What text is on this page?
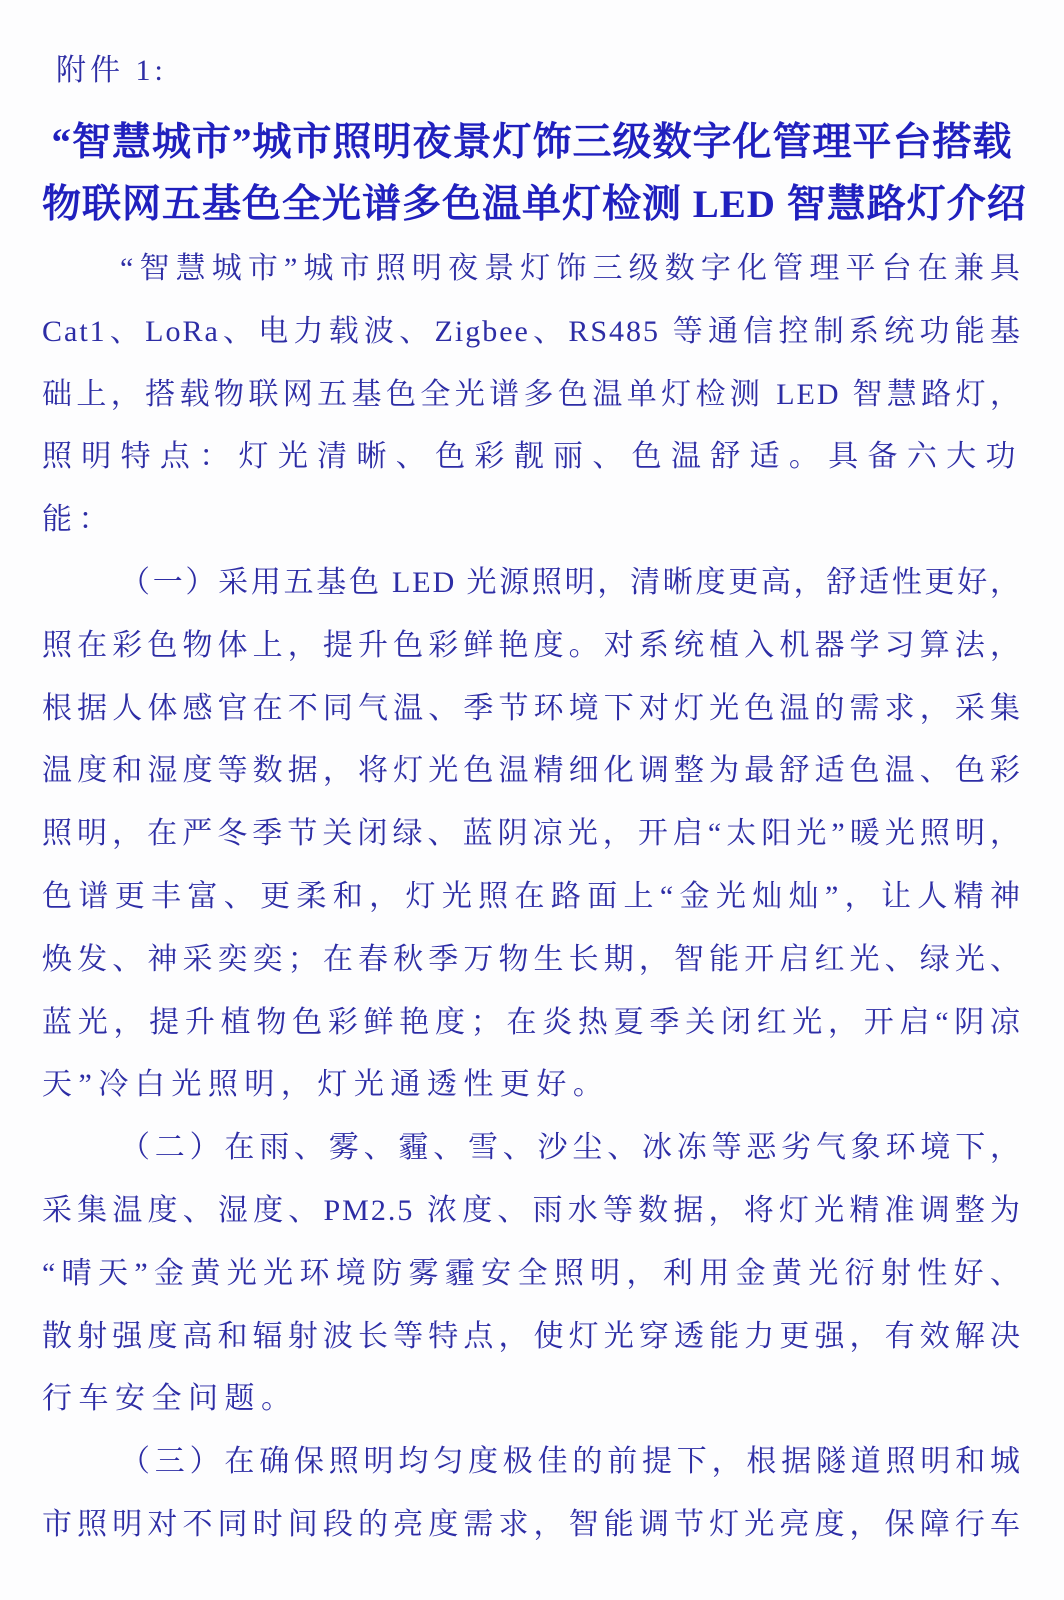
附件 1:
“智慧城市”城市照明夜景灯饰三级数字化管理平台搭载
物联网五基色全光谱多色温单灯检测 LED 智慧路灯介绍
“智慧城市”城市照明夜景灯饰三级数字化管理平台在兼具
Cat1、LoRa、电力载波、Zigbee、RS485 等通信控制系统功能基
础上，搭载物联网五基色全光谱多色温单灯检测 LED 智慧路灯，
照明特点：灯光清晰、色彩靓丽、色温舒适。具备六大功能：
（一）采用五基色 LED 光源照明，清晰度更高，舒适性更好，
照在彩色物体上，提升色彩鲜艳度。对系统植入机器学习算法，
根据人体感官在不同气温、季节环境下对灯光色温的需求，采集
温度和湿度等数据，将灯光色温精细化调整为最舒适色温、色彩
照明，在严冬季节关闭绿、蓝阴凉光，开启“太阳光”暖光照明，
色谱更丰富、更柔和，灯光照在路面上“金光灿灿”，让人精神
焕发、神采奕奕；在春秋季万物生长期，智能开启红光、绿光、
蓝光，提升植物色彩鲜艳度；在炎热夏季关闭红光，开启“阴凉
天”冷白光照明，灯光通透性更好。
（二）在雨、雾、霾、雪、沙尘、冰冻等恶劣气象环境下，
采集温度、湿度、PM2.5 浓度、雨水等数据，将灯光精准调整为
“晴天”金黄光光环境防雾霾安全照明，利用金黄光衍射性好、
散射强度高和辐射波长等特点，使灯光穿透能力更强，有效解决
行车安全问题。
（三）在确保照明均匀度极佳的前提下，根据隧道照明和城
市照明对不同时间段的亮度需求，智能调节灯光亮度，保障行车
